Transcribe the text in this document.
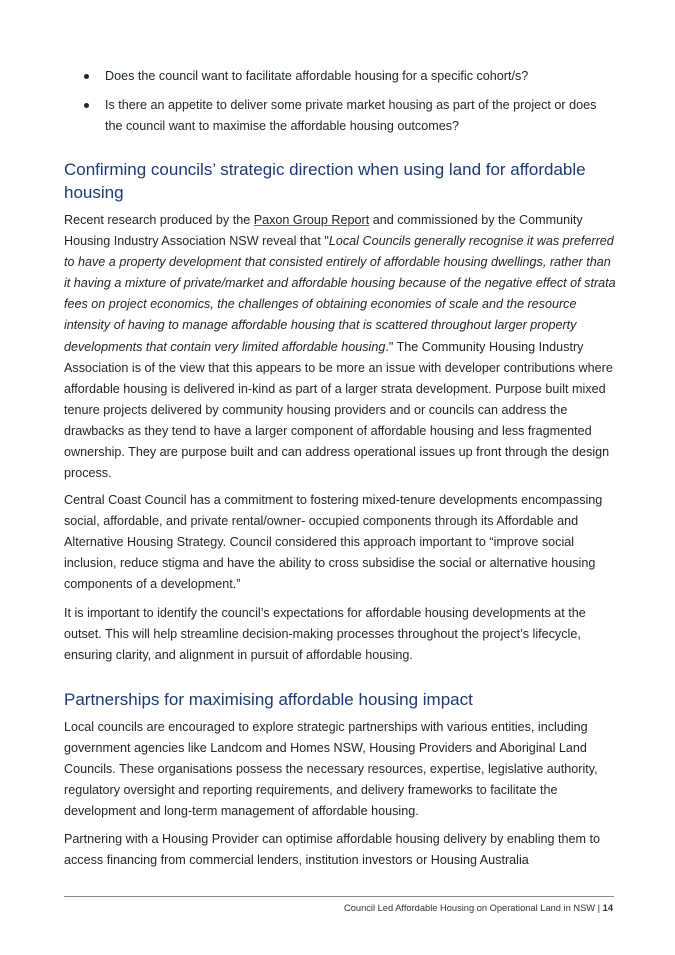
Does the council want to facilitate affordable housing for a specific cohort/s?
Is there an appetite to deliver some private market housing as part of the project or does the council want to maximise the affordable housing outcomes?
Confirming councils’ strategic direction when using land for affordable housing

Recent research produced by the Paxon Group Report and commissioned by the Community Housing Industry Association NSW reveal that "Local Councils generally recognise it was preferred to have a property development that consisted entirely of affordable housing dwellings, rather than it having a mixture of private/market and affordable housing because of the negative effect of strata fees on project economics, the challenges of obtaining economies of scale and the resource intensity of having to manage affordable housing that is scattered throughout larger property developments that contain very limited affordable housing." The Community Housing Industry Association is of the view that this appears to be more an issue with developer contributions where affordable housing is delivered in-kind as part of a larger strata development. Purpose built mixed tenure projects delivered by community housing providers and or councils can address the drawbacks as they tend to have a larger component of affordable housing and less fragmented ownership. They are purpose built and can address operational issues up front through the design process.

Central Coast Council has a commitment to fostering mixed-tenure developments encompassing social, affordable, and private rental/owner- occupied components through its Affordable and Alternative Housing Strategy. Council considered this approach important to “improve social inclusion, reduce stigma and have the ability to cross subsidise the social or alternative housing components of a development.”

It is important to identify the council’s expectations for affordable housing developments at the outset. This will help streamline decision-making processes throughout the project’s lifecycle, ensuring clarity, and alignment in pursuit of affordable housing.

Partnerships for maximising affordable housing impact

Local councils are encouraged to explore strategic partnerships with various entities, including government agencies like Landcom and Homes NSW, Housing Providers and Aboriginal Land Councils. These organisations possess the necessary resources, expertise, legislative authority, regulatory oversight and reporting requirements, and delivery frameworks to facilitate the development and long-term management of affordable housing.

Partnering with a Housing Provider can optimise affordable housing delivery by enabling them to access financing from commercial lenders, institution investors or Housing Australia

Council Led Affordable Housing on Operational Land in NSW | 14
